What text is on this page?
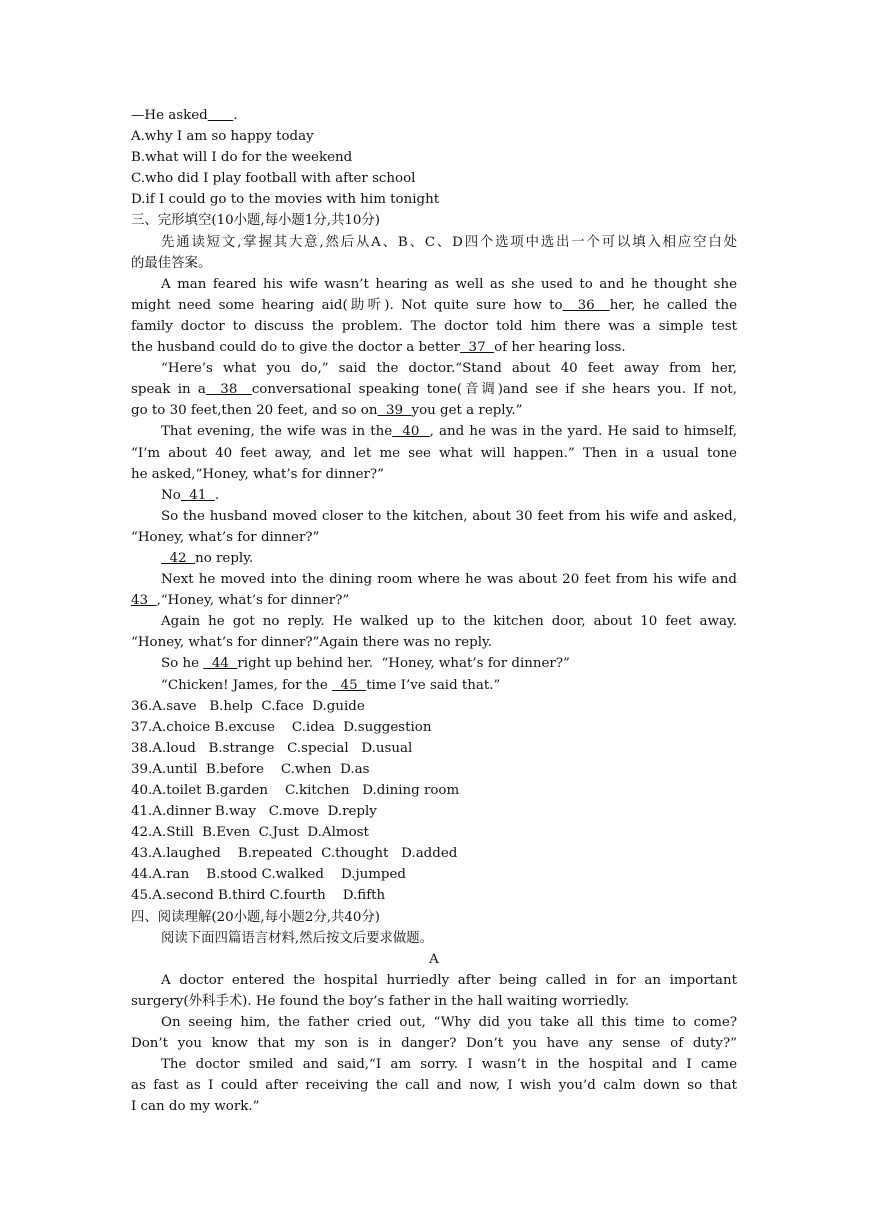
—He asked .
A.why I am so happy today
B.what will I do for the weekend
C.who did I play football with after school
D.if I could go to the movies with him tonight
三、完形填空(10小题,每小题1分,共10分)
先通读短文,掌握其大意,然后从A、B、C、D四个选项中选出一个可以填入相应空白处
的最佳答案。
A man feared his wife wasn’t hearing as well as she used to and he thought she
might need some hearing aid(助听). Not quite sure how to  36  her, he called the
family doctor to discuss the problem. The doctor told him there was a simple test
the husband could do to give the doctor a better  37  of her hearing loss.
“Here’s what you do,” said the doctor.“Stand about 40 feet away from her,
speak in a  38  conversational speaking tone(音调)and see if she hears you. If not,
go to 30 feet,then 20 feet, and so on  39  you get a reply.”
That evening, the wife was in the  40  , and he was in the yard. He said to himself,
“I’m about 40 feet away, and let me see what will happen.” Then in a usual tone
he asked,“Honey, what’s for dinner?”
No  41  .
So the husband moved closer to the kitchen, about 30 feet from his wife and asked,
“Honey, what’s for dinner?”
42  no reply.
Next he moved into the dining room where he was about 20 feet from his wife and
43  ,“Honey, what’s for dinner?”
Again he got no reply. He walked up to the kitchen door, about 10 feet away.
“Honey, what’s for dinner?”Again there was no reply.
So he   44  right up behind her.  “Honey, what’s for dinner?”
“Chicken! James, for the   45  time I’ve said that.”
36.A.save   B.help  C.face  D.guide
37.A.choice B.excuse    C.idea  D.suggestion
38.A.loud   B.strange   C.special   D.usual
39.A.until  B.before    C.when  D.as
40.A.toilet B.garden    C.kitchen   D.dining room
41.A.dinner B.way   C.move  D.reply
42.A.Still  B.Even  C.Just  D.Almost
43.A.laughed    B.repeated  C.thought   D.added
44.A.ran    B.stood C.walked    D.jumped
45.A.second B.third C.fourth    D.fifth
四、阅读理解(20小题,每小题2分,共40分)
阅读下面四篇语言材料,然后按文后要求做题。
A
A doctor entered the hospital hurriedly after being called in for an important
surgery(外科手术). He found the boy’s father in the hall waiting worriedly.
On seeing him, the father cried out, “Why did you take all this time to come?
Don’t you know that my son is in danger? Don’t you have any sense of duty?”
The doctor smiled and said,“I am sorry. I wasn’t in the hospital and I came
as fast as I could after receiving the call and now, I wish you’d calm down so that
I can do my work.”
